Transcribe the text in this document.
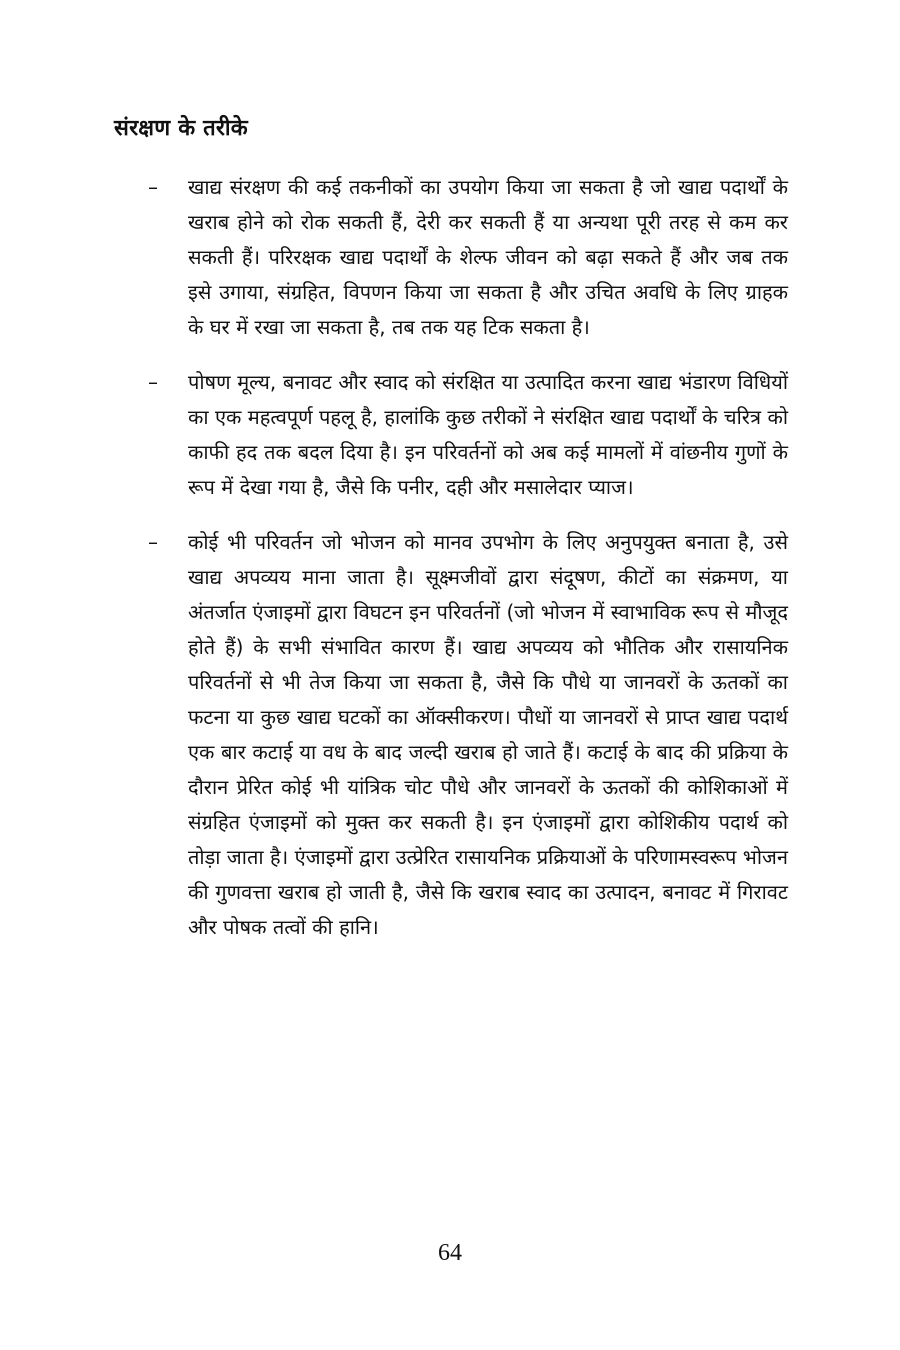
संरक्षण के तरीके
– खाद्य संरक्षण की कई तकनीकों का उपयोग किया जा सकता है जो खाद्य पदार्थों के खराब होने को रोक सकती हैं, देरी कर सकती हैं या अन्यथा पूरी तरह से कम कर सकती हैं। परिरक्षक खाद्य पदार्थों के शेल्फ जीवन को बढ़ा सकते हैं और जब तक इसे उगाया, संग्रहित, विपणन किया जा सकता है और उचित अवधि के लिए ग्राहक के घर में रखा जा सकता है, तब तक यह टिक सकता है।
– पोषण मूल्य, बनावट और स्वाद को संरक्षित या उत्पादित करना खाद्य भंडारण विधियों का एक महत्वपूर्ण पहलू है, हालांकि कुछ तरीकों ने संरक्षित खाद्य पदार्थों के चरित्र को काफी हद तक बदल दिया है। इन परिवर्तनों को अब कई मामलों में वांछनीय गुणों के रूप में देखा गया है, जैसे कि पनीर, दही और मसालेदार प्याज।
– कोई भी परिवर्तन जो भोजन को मानव उपभोग के लिए अनुपयुक्त बनाता है, उसे खाद्य अपव्यय माना जाता है। सूक्ष्मजीवों द्वारा संदूषण, कीटों का संक्रमण, या अंतर्जात एंजाइमों द्वारा विघटन इन परिवर्तनों (जो भोजन में स्वाभाविक रूप से मौजूद होते हैं) के सभी संभावित कारण हैं। खाद्य अपव्यय को भौतिक और रासायनिक परिवर्तनों से भी तेज किया जा सकता है, जैसे कि पौधे या जानवरों के ऊतकों का फटना या कुछ खाद्य घटकों का ऑक्सीकरण। पौधों या जानवरों से प्राप्त खाद्य पदार्थ एक बार कटाई या वध के बाद जल्दी खराब हो जाते हैं। कटाई के बाद की प्रक्रिया के दौरान प्रेरित कोई भी यांत्रिक चोट पौधे और जानवरों के ऊतकों की कोशिकाओं में संग्रहित एंजाइमों को मुक्त कर सकती है। इन एंजाइमों द्वारा कोशिकीय पदार्थ को तोड़ा जाता है। एंजाइमों द्वारा उत्प्रेरित रासायनिक प्रक्रियाओं के परिणामस्वरूप भोजन की गुणवत्ता खराब हो जाती है, जैसे कि खराब स्वाद का उत्पादन, बनावट में गिरावट और पोषक तत्वों की हानि।
64
